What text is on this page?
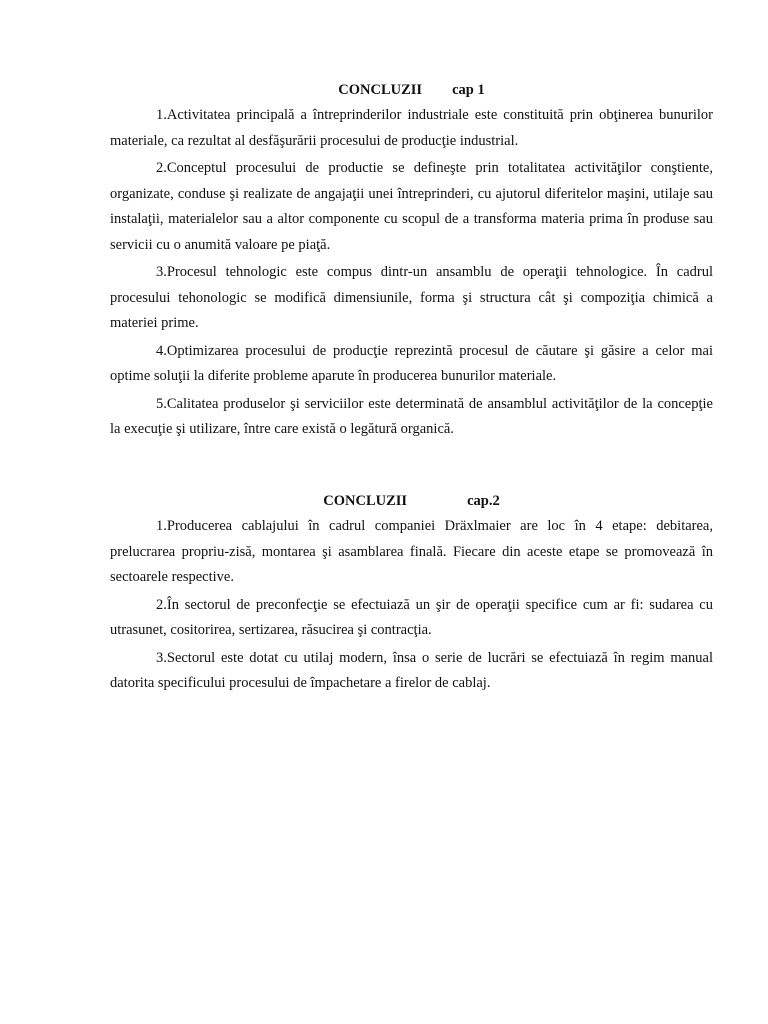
CONCLUZII cap 1

1.Activitatea principală a întreprinderilor industriale este constituită prin obţinerea bunurilor materiale, ca rezultat al desfăşurării procesului de producţie industrial.

2.Conceptul procesului de productie se defineşte prin totalitatea activităţilor conştiente, organizate, conduse şi realizate de angajaţii unei întreprinderi, cu ajutorul diferitelor maşini, utilaje sau instalaţii, materialelor sau a altor componente cu scopul de a transforma materia prima în produse sau servicii cu o anumită valoare pe piaţă.

3.Procesul tehnologic este compus dintr-un ansamblu de operaţii tehnologice. În cadrul procesului tehonologic se modifică dimensiunile, forma şi structura cât şi compoziţia chimică a materiei prime.

4.Optimizarea procesului de producţie reprezintă procesul de căutare şi găsire a celor mai optime soluţii la diferite probleme aparute în producerea bunurilor materiale.

5.Calitatea produselor şi serviciilor este determinată de ansamblul activităţilor de la concepţie la execuţie şi utilizare, între care există o legătură organică.

CONCLUZII	cap.2

1.Producerea cablajului în cadrul companiei Dräxlmaier are loc în 4 etape: debitarea, prelucrarea propriu-zisă, montarea şi asamblarea finală. Fiecare din aceste etape se promovează în sectoarele respective.

2.În sectorul de preconfecţie se efectuiază un şir de operaţii specifice cum ar fi: sudarea cu utrasunet, cositorirea, sertizarea, răsucirea şi contracţia.

3.Sectorul este dotat cu utilaj modern, însa o serie de lucrări se efectuiază în regim manual datorita specificului procesului de împachetare a firelor de cablaj.
